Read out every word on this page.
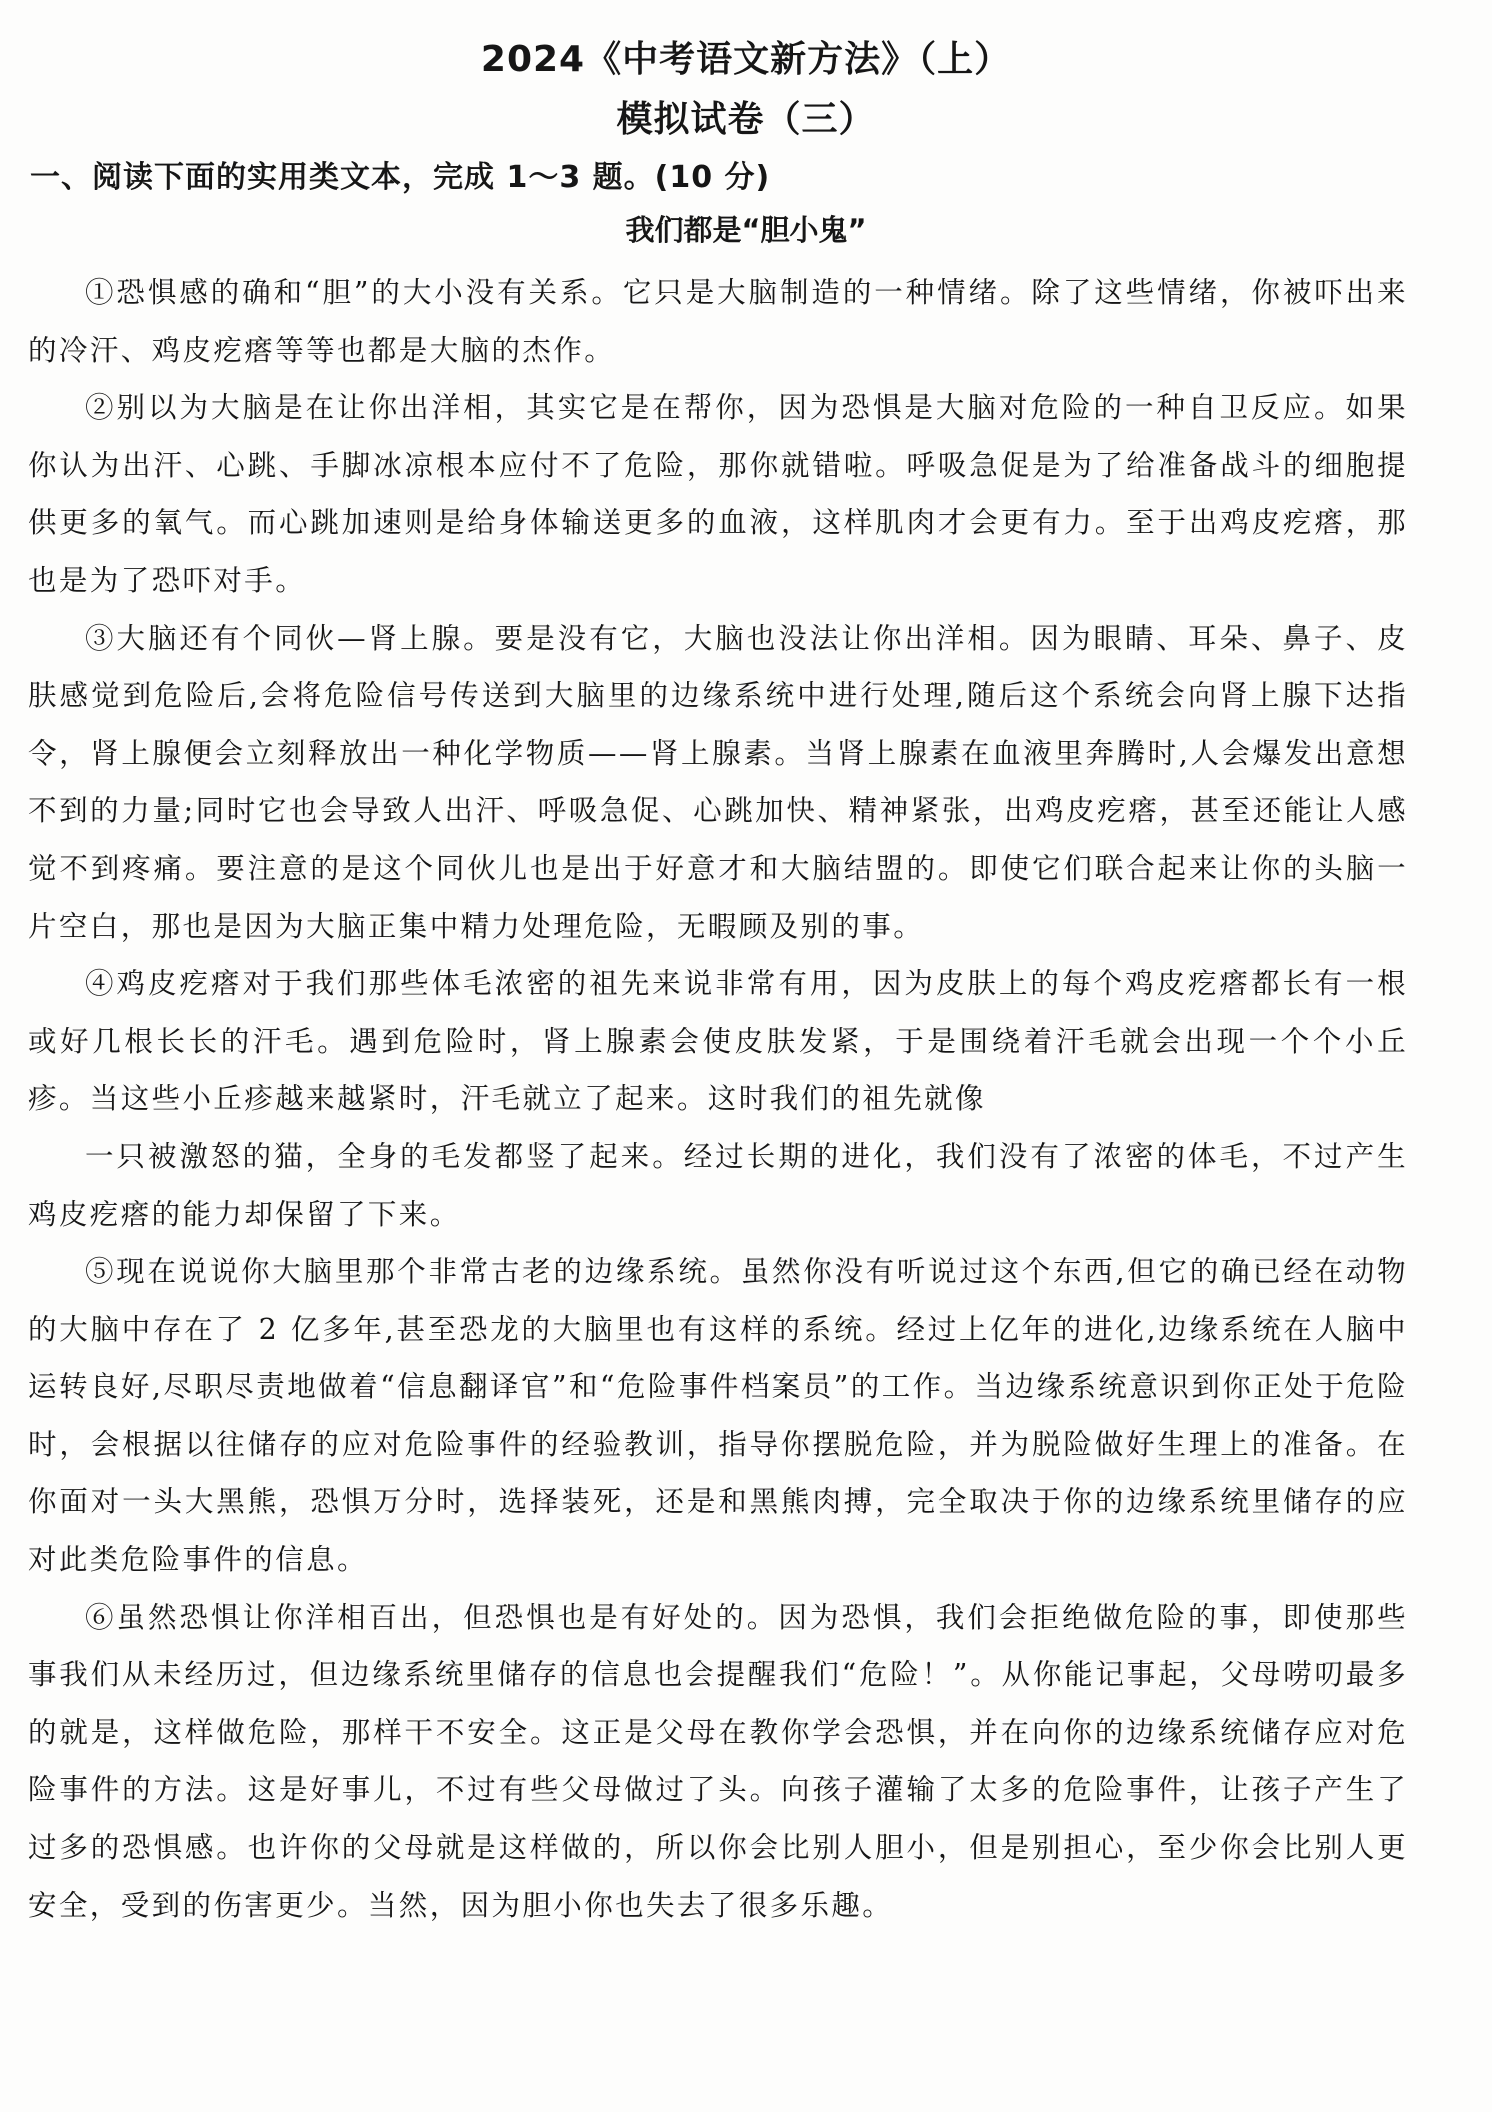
2024《中考语文新方法》（上）
模拟试卷（三）

一、阅读下面的实用类文本，完成 1～3 题。(10 分)

我们都是“胆小鬼”

①恐惧感的确和“胆”的大小没有关系。它只是大脑制造的一种情绪。除了这些情绪，你被吓出来的冷汗、鸡皮疙瘩等等也都是大脑的杰作。

②别以为大脑是在让你出洋相，其实它是在帮你，因为恐惧是大脑对危险的一种自卫反应。如果你认为出汗、心跳、手脚冰凉根本应付不了危险，那你就错啦。呼吸急促是为了给准备战斗的细胞提供更多的氧气。而心跳加速则是给身体输送更多的血液，这样肌肉才会更有力。至于出鸡皮疙瘩，那也是为了恐吓对手。

③大脑还有个同伙—肾上腺。要是没有它，大脑也没法让你出洋相。因为眼睛、耳朵、鼻子、皮肤感觉到危险后,会将危险信号传送到大脑里的边缘系统中进行处理,随后这个系统会向肾上腺下达指令，肾上腺便会立刻释放出一种化学物质——肾上腺素。当肾上腺素在血液里奔腾时,人会爆发出意想不到的力量;同时它也会导致人出汗、呼吸急促、心跳加快、精神紧张，出鸡皮疙瘩，甚至还能让人感觉不到疼痛。要注意的是这个同伙儿也是出于好意才和大脑结盟的。即使它们联合起来让你的头脑一片空白，那也是因为大脑正集中精力处理危险，无暇顾及别的事。

④鸡皮疙瘩对于我们那些体毛浓密的祖先来说非常有用，因为皮肤上的每个鸡皮疙瘩都长有一根或好几根长长的汗毛。遇到危险时，肾上腺素会使皮肤发紧，于是围绕着汗毛就会出现一个个小丘疹。当这些小丘疹越来越紧时，汗毛就立了起来。这时我们的祖先就像

一只被激怒的猫，全身的毛发都竖了起来。经过长期的进化，我们没有了浓密的体毛，不过产生鸡皮疙瘩的能力却保留了下来。

⑤现在说说你大脑里那个非常古老的边缘系统。虽然你没有听说过这个东西,但它的确已经在动物的大脑中存在了 2 亿多年,甚至恐龙的大脑里也有这样的系统。经过上亿年的进化,边缘系统在人脑中运转良好,尽职尽责地做着“信息翻译官”和“危险事件档案员”的工作。当边缘系统意识到你正处于危险时，会根据以往储存的应对危险事件的经验教训，指导你摆脱危险，并为脱险做好生理上的准备。在你面对一头大黑熊，恐惧万分时，选择装死，还是和黑熊肉搏，完全取决于你的边缘系统里储存的应对此类危险事件的信息。

⑥虽然恐惧让你洋相百出，但恐惧也是有好处的。因为恐惧，我们会拒绝做危险的事，即使那些事我们从未经历过，但边缘系统里储存的信息也会提醒我们“危险！”。从你能记事起，父母唠叨最多的就是，这样做危险，那样干不安全。这正是父母在教你学会恐惧，并在向你的边缘系统储存应对危险事件的方法。这是好事儿，不过有些父母做过了头。向孩子灌输了太多的危险事件，让孩子产生了过多的恐惧感。也许你的父母就是这样做的，所以你会比别人胆小，但是别担心，至少你会比别人更安全，受到的伤害更少。当然，因为胆小你也失去了很多乐趣。
